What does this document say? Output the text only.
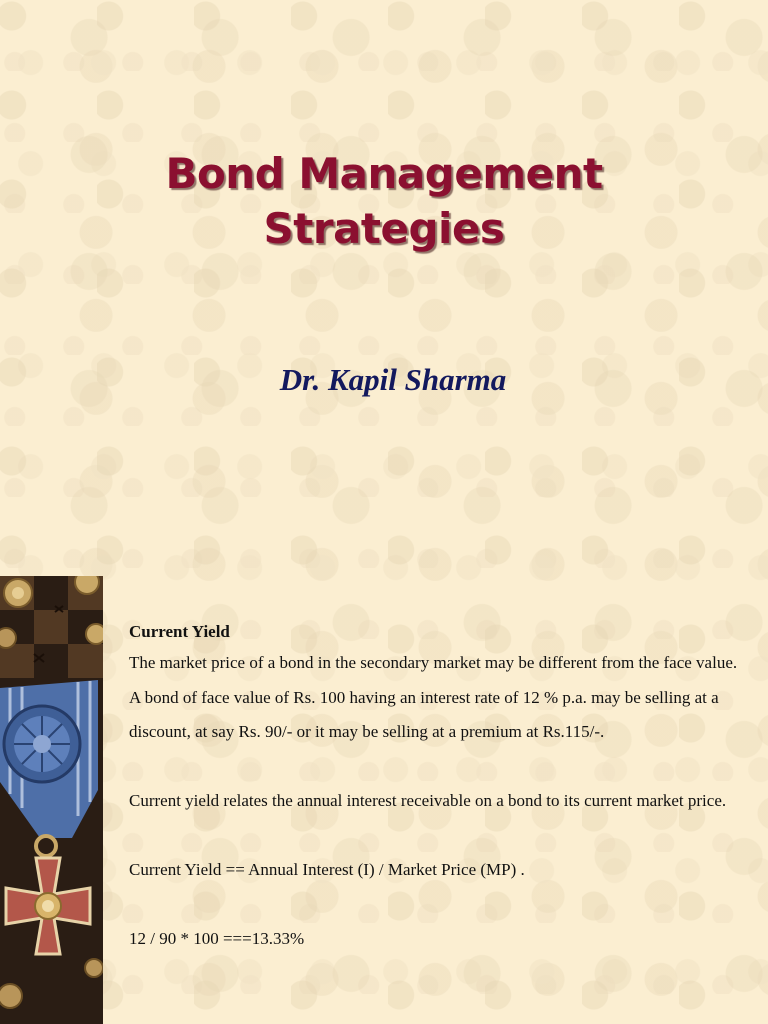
Bond Management
Strategies
Dr. Kapil Sharma

Current Yield

The market price of a bond in the secondary market may be different from the face value. A bond of face value of Rs. 100 having an interest rate of 12 % p.a. may be selling at a discount, at say Rs. 90/- or it may be selling at a premium at Rs.115/-.

Current yield relates the annual interest receivable on a bond to its current market price.

Current Yield == Annual Interest (I) / Market Price (MP) .

12 / 90 * 100 ===13.33%
